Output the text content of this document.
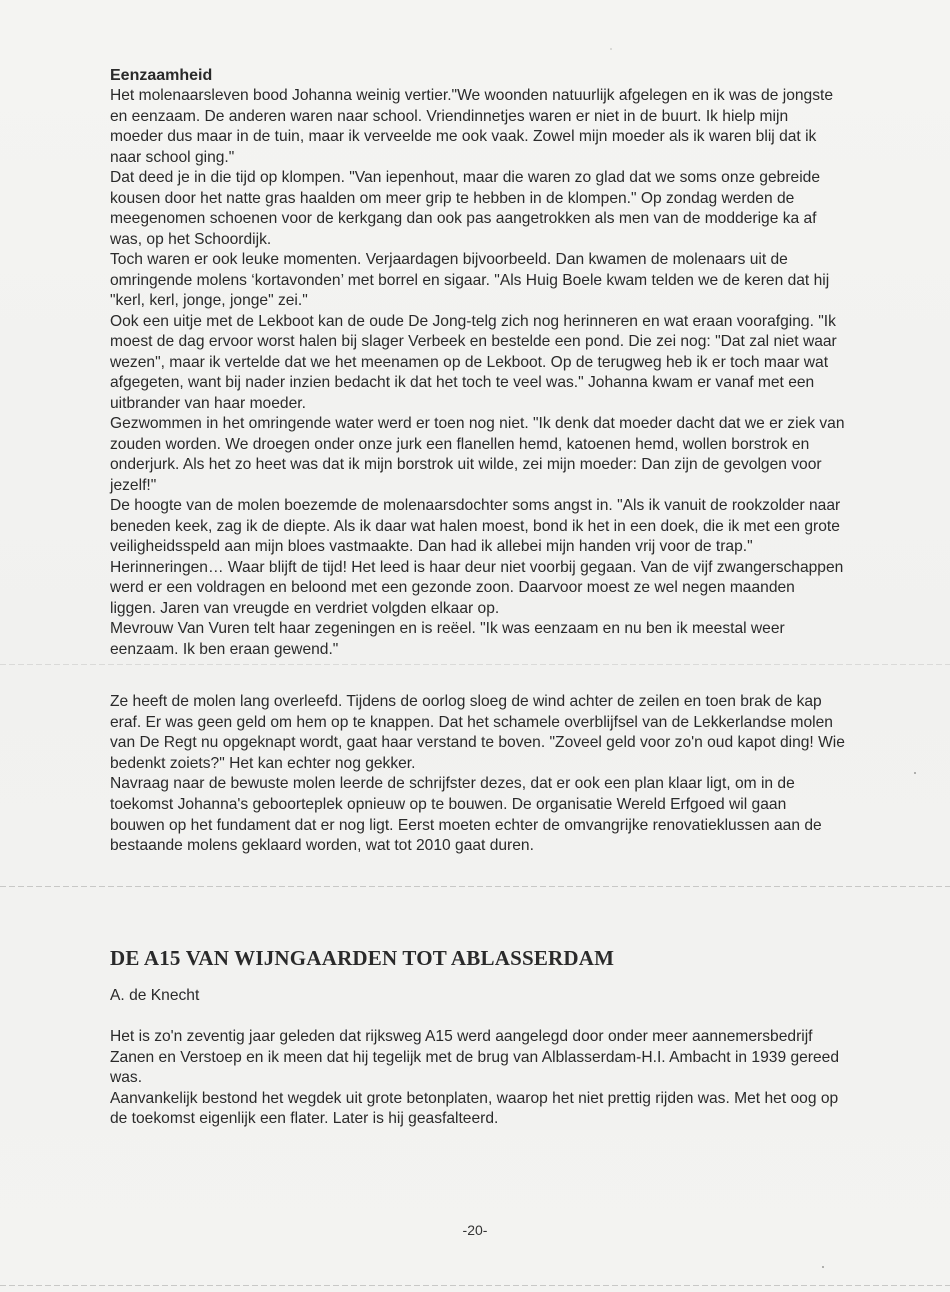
Eenzaamheid

Het molenaarsleven bood Johanna weinig vertier."We woonden natuurlijk afgelegen en ik was de jongste en eenzaam. De anderen waren naar school. Vriendinnetjes waren er niet in de buurt. Ik hielp mijn moeder dus maar in de tuin, maar ik verveelde me ook vaak. Zowel mijn moeder als ik waren blij dat ik naar school ging."

Dat deed je in die tijd op klompen. "Van iepenhout, maar die waren zo glad dat we soms onze gebreide kousen door het natte gras haalden om meer grip te hebben in de klompen." Op zondag werden de meegenomen schoenen voor de kerkgang dan ook pas aangetrokken als men van de modderige ka af was, op het Schoordijk.

Toch waren er ook leuke momenten. Verjaardagen bijvoorbeeld. Dan kwamen de molenaars uit de omringende molens ‘kortavonden’ met borrel en sigaar. "Als Huig Boele kwam telden we de keren dat hij "kerl, kerl, jonge, jonge" zei."

Ook een uitje met de Lekboot kan de oude De Jong-telg zich nog herinneren en wat eraan voorafging. "Ik moest de dag ervoor worst halen bij slager Verbeek en bestelde een pond. Die zei nog: "Dat zal niet waar wezen", maar ik vertelde dat we het meenamen op de Lekboot. Op de terugweg heb ik er toch maar wat afgegeten, want bij nader inzien bedacht ik dat het toch te veel was." Johanna kwam er vanaf met een uitbrander van haar moeder.

Gezwommen in het omringende water werd er toen nog niet. "Ik denk dat moeder dacht dat we er ziek van zouden worden. We droegen onder onze jurk een flanellen hemd, katoenen hemd, wollen borstrok en onderjurk. Als het zo heet was dat ik mijn borstrok uit wilde, zei mijn moeder: Dan zijn de gevolgen voor jezelf!"

De hoogte van de molen boezemde de molenaarsdochter soms angst in. "Als ik vanuit de rookzolder naar beneden keek, zag ik de diepte. Als ik daar wat halen moest, bond ik het in een doek, die ik met een grote veiligheidsspeld aan mijn bloes vastmaakte. Dan had ik allebei mijn handen vrij voor de trap."

Herinneringen… Waar blijft de tijd! Het leed is haar deur niet voorbij gegaan. Van de vijf zwangerschappen werd er een voldragen en beloond met een gezonde zoon. Daarvoor moest ze wel negen maanden liggen. Jaren van vreugde en verdriet volgden elkaar op.

Mevrouw Van Vuren telt haar zegeningen en is reëel. "Ik was eenzaam en nu ben ik meestal weer eenzaam. Ik ben eraan gewend."

Ze heeft de molen lang overleefd. Tijdens de oorlog sloeg de wind achter de zeilen en toen brak de kap eraf. Er was geen geld om hem op te knappen. Dat het schamele overblijfsel van de Lekkerlandse molen van De Regt nu opgeknapt wordt, gaat haar verstand te boven. "Zoveel geld voor zo'n oud kapot ding! Wie bedenkt zoiets?" Het kan echter nog gekker.

Navraag naar de bewuste molen leerde de schrijfster dezes, dat er ook een plan klaar ligt, om in de toekomst Johanna's geboorteplek opnieuw op te bouwen. De organisatie Wereld Erfgoed wil gaan bouwen op het fundament dat er nog ligt. Eerst moeten echter de omvangrijke renovatieklussen aan de bestaande molens geklaard worden, wat tot 2010 gaat duren.

DE A15 VAN WIJNGAARDEN TOT ABLASSERDAM
A. de Knecht

Het is zo'n zeventig jaar geleden dat rijksweg A15 werd aangelegd door onder meer aannemersbedrijf Zanen en Verstoep en ik meen dat hij tegelijk met de brug van Alblasserdam-H.I. Ambacht in 1939 gereed was.

Aanvankelijk bestond het wegdek uit grote betonplaten, waarop het niet prettig rijden was. Met het oog op de toekomst eigenlijk een flater. Later is hij geasfalteerd.

-20-
